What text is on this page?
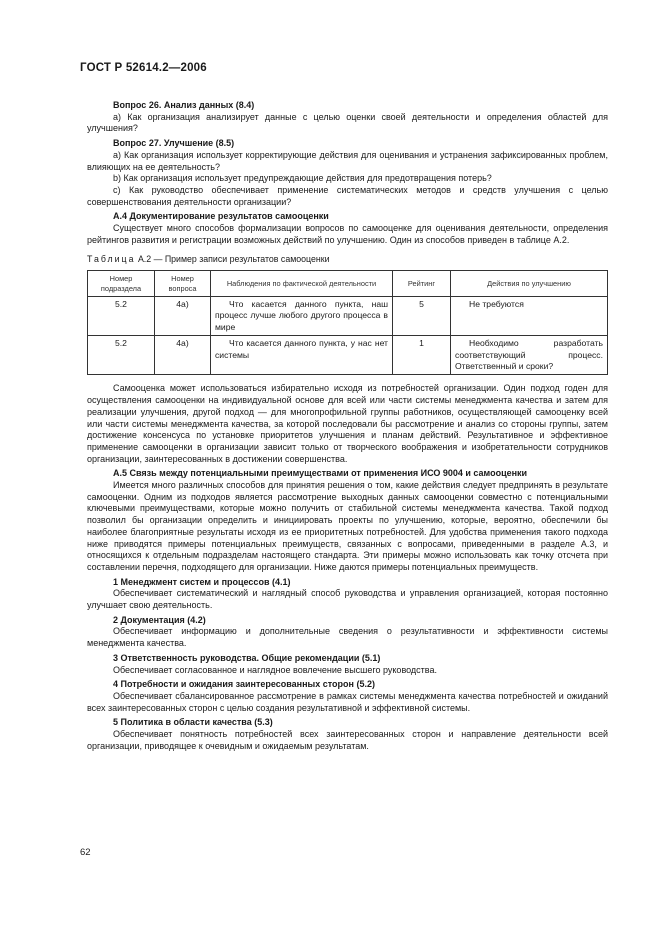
ГОСТ Р 52614.2—2006

Вопрос 26. Анализ данных (8.4)

а) Как организация анализирует данные с целью оценки своей деятельности и определения областей для улучшения?

Вопрос 27. Улучшение (8.5)

а) Как организация использует корректирующие действия для оценивания и устранения зафиксированных проблем, влияющих на ее деятельность?

b) Как организация использует предупреждающие действия для предотвращения потерь?

с) Как руководство обеспечивает применение систематических методов и средств улучшения с целью совершенствования деятельности организации?

А.4 Документирование результатов самооценки

Существует много способов формализации вопросов по самооценке для оценивания деятельности, определения рейтингов развития и регистрации возможных действий по улучшению. Один из способов приведен в таблице А.2.

Таблица А.2 — Пример записи результатов самооценки

Номер подраздела	Номер вопроса	Наблюдения по фактической деятельности	Рейтинг	Действия по улучшению
5.2	4а)	Что касается данного пункта, наш процесс лучше любого другого процесса в мире	5	Не требуются
5.2	4а)	Что касается данного пункта, у нас нет системы	1	Необходимо разработать соответствующий процесс. Ответственный и сроки?

Самооценка может использоваться избирательно исходя из потребностей организации. Один подход годен для осуществления самооценки на индивидуальной основе для всей или части системы менеджмента качества и затем для реализации улучшения, другой подход — для многопрофильной группы работников, осуществляющей самооценку всей или части системы менеджмента качества, за которой последовали бы рассмотрение и анализ со стороны группы, затем достижение консенсуса по установке приоритетов улучшения и планам действий. Результативное и эффективное применение самооценки в организации зависит только от творческого воображения и изобретательности сотрудников организации, заинтересованных в достижении совершенства.

А.5 Связь между потенциальными преимуществами от применения ИСО 9004 и самооценки

Имеется много различных способов для принятия решения о том, какие действия следует предпринять в результате самооценки. Одним из подходов является рассмотрение выходных данных самооценки совместно с потенциальными ключевыми преимуществами, которые можно получить от стабильной системы менеджмента качества. Такой подход позволил бы организации определить и инициировать проекты по улучшению, которые, вероятно, обеспечили бы наиболее благоприятные результаты исходя из ее приоритетных потребностей. Для удобства применения такого подхода ниже приводятся примеры потенциальных преимуществ, связанных с вопросами, приведенными в разделе А.3, и относящихся к отдельным подразделам настоящего стандарта. Эти примеры можно использовать как точку отсчета при составлении перечня, подходящего для организации. Ниже даются примеры потенциальных преимуществ.

1 Менеджмент систем и процессов (4.1)

Обеспечивает систематический и наглядный способ руководства и управления организацией, которая постоянно улучшает свою деятельность.

2 Документация (4.2)

Обеспечивает информацию и дополнительные сведения о результативности и эффективности системы менеджмента качества.

3 Ответственность руководства. Общие рекомендации (5.1)

Обеспечивает согласованное и наглядное вовлечение высшего руководства.

4 Потребности и ожидания заинтересованных сторон (5.2)

Обеспечивает сбалансированное рассмотрение в рамках системы менеджмента качества потребностей и ожиданий всех заинтересованных сторон с целью создания результативной и эффективной системы.

5 Политика в области качества (5.3)

Обеспечивает понятность потребностей всех заинтересованных сторон и направление деятельности всей организации, приводящее к очевидным и ожидаемым результатам.

62
